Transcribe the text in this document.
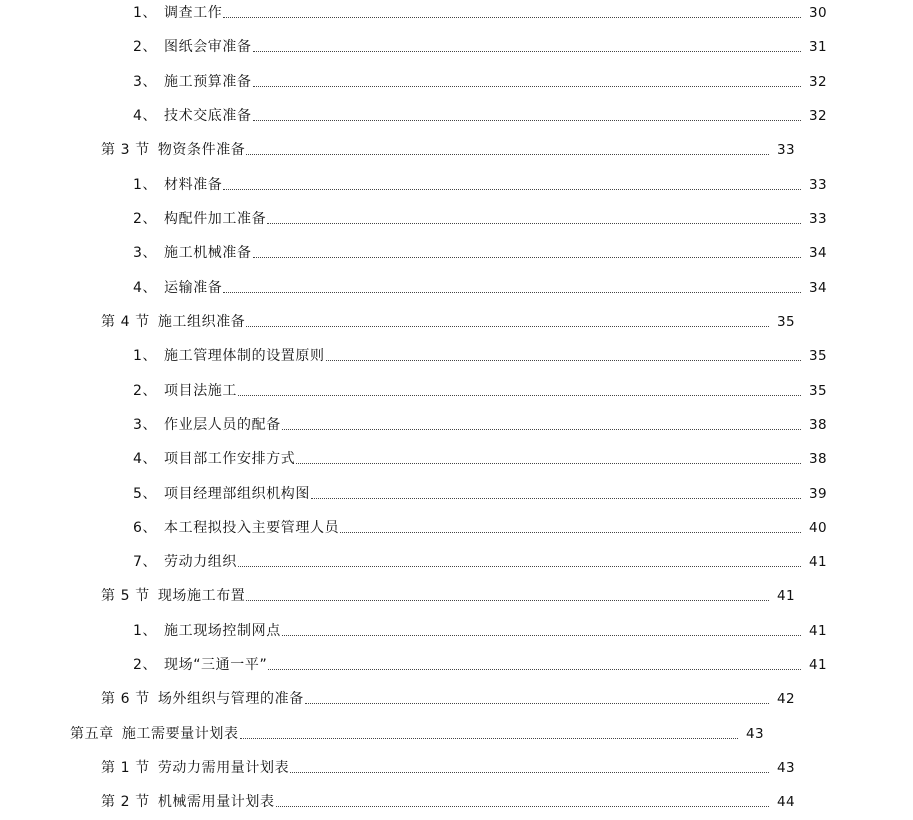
1、 调查工作	30
2、 图纸会审准备	31
3、 施工预算准备	32
4、 技术交底准备	32
第 3 节 物资条件准备	33
1、 材料准备	33
2、 构配件加工准备	33
3、 施工机械准备	34
4、 运输准备	34
第 4 节 施工组织准备	35
1、 施工管理体制的设置原则	35
2、 项目法施工	35
3、 作业层人员的配备	38
4、 项目部工作安排方式	38
5、 项目经理部组织机构图	39
6、 本工程拟投入主要管理人员	40
7、 劳动力组织	41
第 5 节 现场施工布置	41
1、 施工现场控制网点	41
2、 现场“三通一平”	41
第 6 节 场外组织与管理的准备	42
第五章 施工需要量计划表	43
第 1 节 劳动力需用量计划表	43
第 2 节 机械需用量计划表	44
